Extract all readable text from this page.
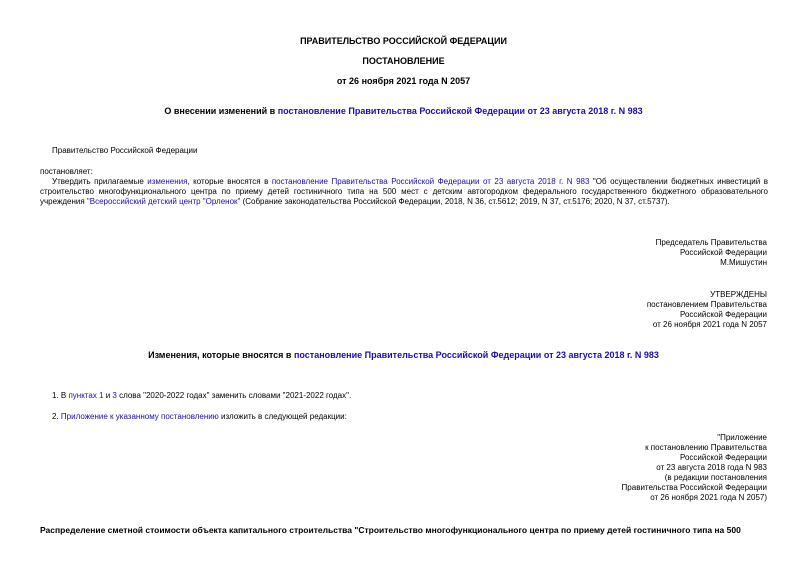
ПРАВИТЕЛЬСТВО РОССИЙСКОЙ ФЕДЕРАЦИИ
ПОСТАНОВЛЕНИЕ
от 26 ноября 2021 года N 2057
О внесении изменений в постановление Правительства Российской Федерации от 23 августа 2018 г. N 983
Правительство Российской Федерации
постановляет:
Утвердить прилагаемые изменения, которые вносятся в постановление Правительства Российской Федерации от 23 августа 2018 г. N 983 "Об осуществлении бюджетных инвестиций в строительство многофункционального центра по приему детей гостиничного типа на 500 мест с детским автогородком федерального государственного бюджетного образовательного учреждения "Всероссийский детский центр "Орленок" (Собрание законодательства Российской Федерации, 2018, N 36, ст.5612; 2019, N 37, ст.5176; 2020, N 37, ст.5737).
Председатель Правительства
Российской Федерации
М.Мишустин
УТВЕРЖДЕНЫ
постановлением Правительства
Российской Федерации
от 26 ноября 2021 года N 2057
Изменения, которые вносятся в постановление Правительства Российской Федерации от 23 августа 2018 г. N 983
1. В пунктах 1 и 3 слова "2020-2022 годах" заменить словами "2021-2022 годах".
2. Приложение к указанному постановлению изложить в следующей редакции:
"Приложение
к постановлению Правительства
Российской Федерации
от 23 августа 2018 года N 983
(в редакции постановления
Правительства Российской Федерации
от 26 ноября 2021 года N 2057)
Распределение сметной стоимости объекта капитального строительства "Строительство многофункционального центра по приему детей гостиничного типа на 500
